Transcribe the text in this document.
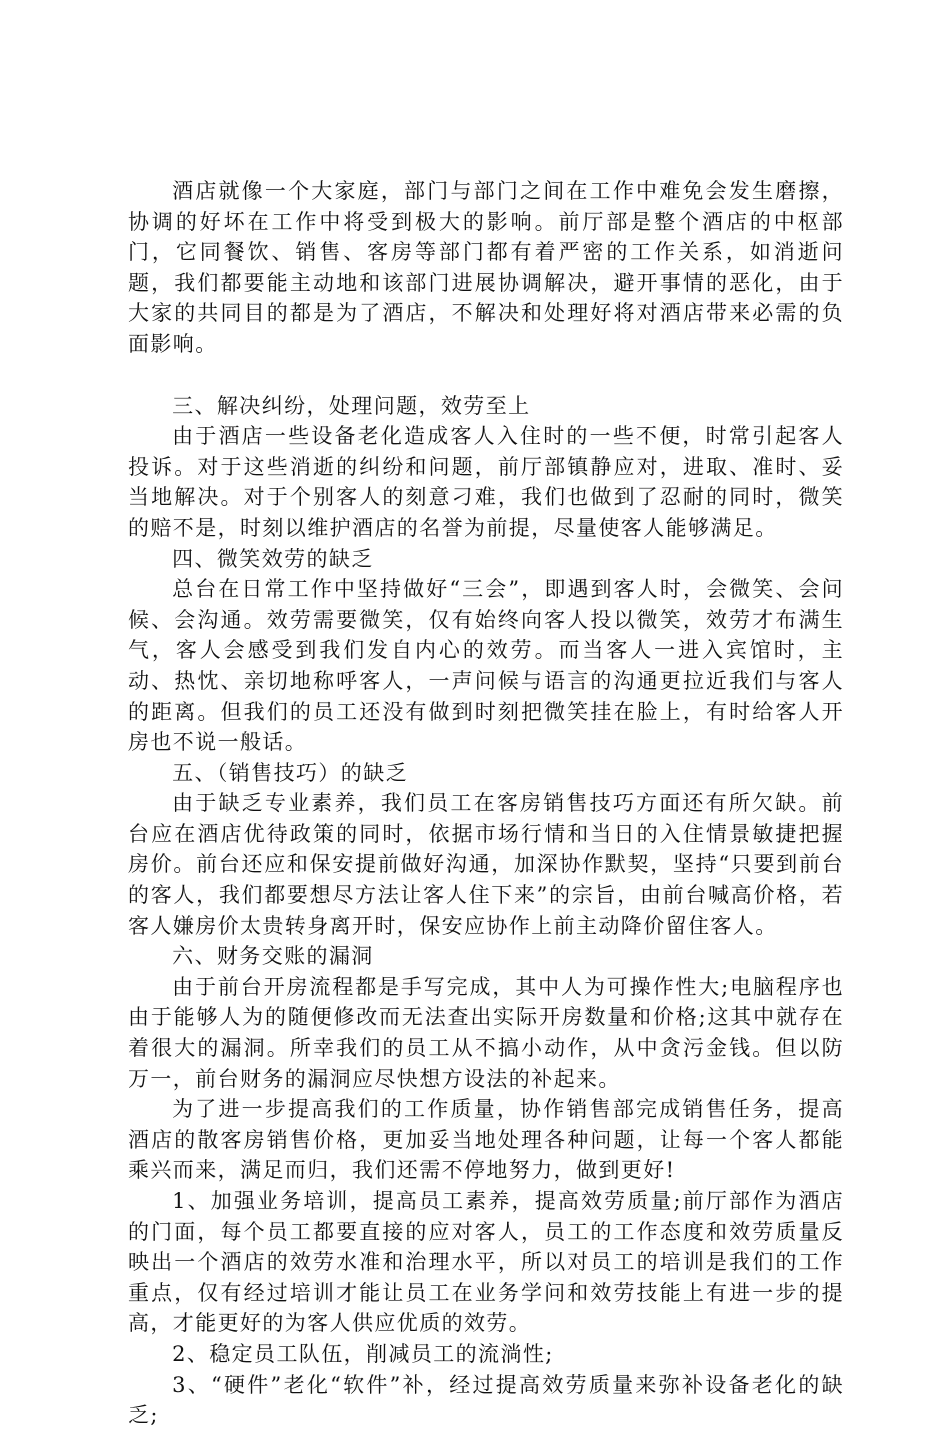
酒店就像一个大家庭，部门与部门之间在工作中难免会发生磨擦，协调的好坏在工作中将受到极大的影响。前厅部是整个酒店的中枢部门，它同餐饮、销售、客房等部门都有着严密的工作关系，如消逝问题，我们都要能主动地和该部门进展协调解决，避开事情的恶化，由于大家的共同目的都是为了酒店，不解决和处理好将对酒店带来必需的负面影响。

三、解决纠纷，处理问题，效劳至上

由于酒店一些设备老化造成客人入住时的一些不便，时常引起客人投诉。对于这些消逝的纠纷和问题，前厅部镇静应对，进取、准时、妥当地解决。对于个别客人的刻意刁难，我们也做到了忍耐的同时，微笑的赔不是，时刻以维护酒店的名誉为前提，尽量使客人能够满足。

四、微笑效劳的缺乏

总台在日常工作中坚持做好“三会”，即遇到客人时，会微笑、会问候、会沟通。效劳需要微笑，仅有始终向客人投以微笑，效劳才布满生气，客人会感受到我们发自内心的效劳。而当客人一进入宾馆时，主动、热忱、亲切地称呼客人，一声问候与语言的沟通更拉近我们与客人的距离。但我们的员工还没有做到时刻把微笑挂在脸上，有时给客人开房也不说一般话。

五、（销售技巧）的缺乏

由于缺乏专业素养，我们员工在客房销售技巧方面还有所欠缺。前台应在酒店优待政策的同时，依据市场行情和当日的入住情景敏捷把握房价。前台还应和保安提前做好沟通，加深协作默契，坚持“只要到前台的客人，我们都要想尽方法让客人住下来”的宗旨，由前台喊高价格，若客人嫌房价太贵转身离开时，保安应协作上前主动降价留住客人。

六、财务交账的漏洞

由于前台开房流程都是手写完成，其中人为可操作性大;电脑程序也由于能够人为的随便修改而无法查出实际开房数量和价格;这其中就存在着很大的漏洞。所幸我们的员工从不搞小动作，从中贪污金钱。但以防万一，前台财务的漏洞应尽快想方设法的补起来。

为了进一步提高我们的工作质量，协作销售部完成销售任务，提高酒店的散客房销售价格，更加妥当地处理各种问题，让每一个客人都能乘兴而来，满足而归，我们还需不停地努力，做到更好!

1、加强业务培训，提高员工素养，提高效劳质量;前厅部作为酒店的门面，每个员工都要直接的应对客人，员工的工作态度和效劳质量反映出一个酒店的效劳水准和治理水平，所以对员工的培训是我们的工作重点，仅有经过培训才能让员工在业务学问和效劳技能上有进一步的提高，才能更好的为客人供应优质的效劳。

2、稳定员工队伍，削减员工的流淌性;

3、“硬件”老化“软件”补，经过提高效劳质量来弥补设备老化的缺乏;
